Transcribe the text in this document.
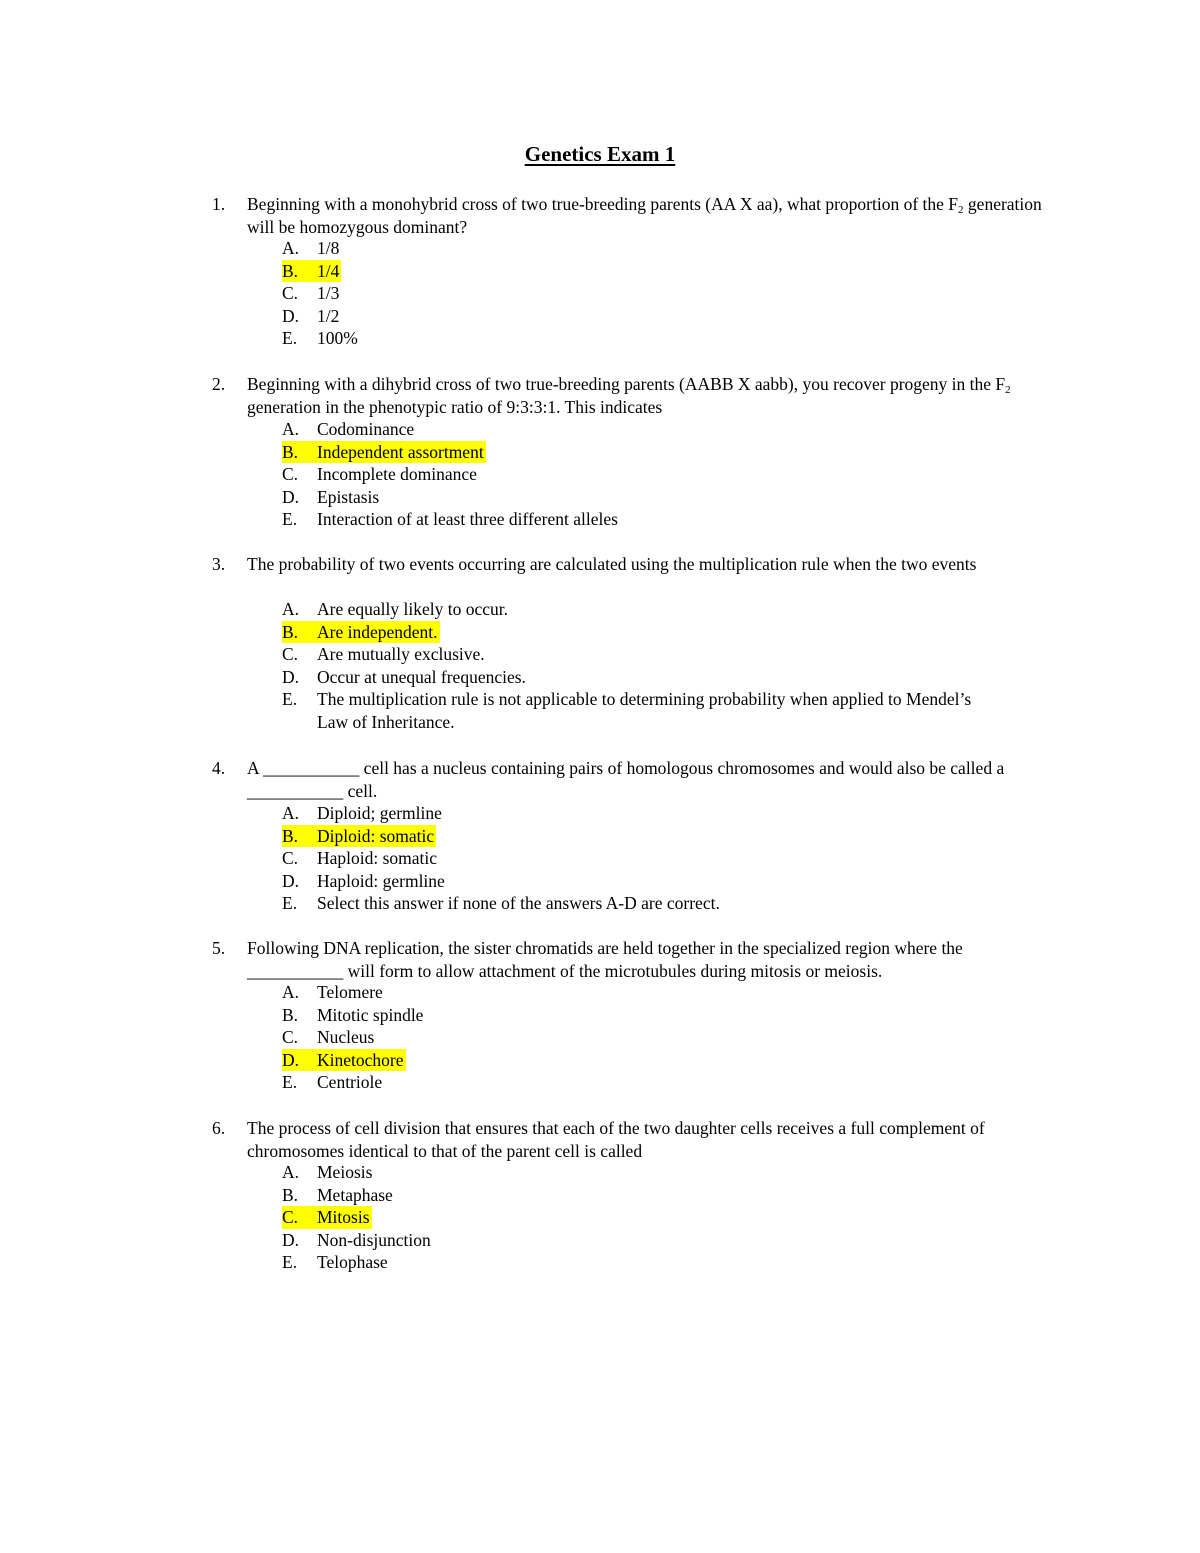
Genetics Exam 1
1. Beginning with a monohybrid cross of two true-breeding parents (AA X aa), what proportion of the $F_2$ generation will be homozygous dominant?
A. 1/8
B. 1/4
C. 1/3
D. 1/2
E. 100%
2. Beginning with a dihybrid cross of two true-breeding parents (AABB X aabb), you recover progeny in the $F_2$ generation in the phenotypic ratio of 9:3:3:1. This indicates
A. Codominance
B. Independent assortment
C. Incomplete dominance
D. Epistasis
E. Interaction of at least three different alleles
3. The probability of two events occurring are calculated using the multiplication rule when the two events
A. Are equally likely to occur.
B. Are independent.
C. Are mutually exclusive.
D. Occur at unequal frequencies.
E. The multiplication rule is not applicable to determining probability when applied to Mendel’s Law of Inheritance.
4. A ___________ cell has a nucleus containing pairs of homologous chromosomes and would also be called a ___________ cell.
A. Diploid; germline
B. Diploid: somatic
C. Haploid: somatic
D. Haploid: germline
E. Select this answer if none of the answers A-D are correct.
5. Following DNA replication, the sister chromatids are held together in the specialized region where the ___________ will form to allow attachment of the microtubules during mitosis or meiosis.
A. Telomere
B. Mitotic spindle
C. Nucleus
D. Kinetochore
E. Centriole
6. The process of cell division that ensures that each of the two daughter cells receives a full complement of chromosomes identical to that of the parent cell is called
A. Meiosis
B. Metaphase
C. Mitosis
D. Non-disjunction
E. Telophase
